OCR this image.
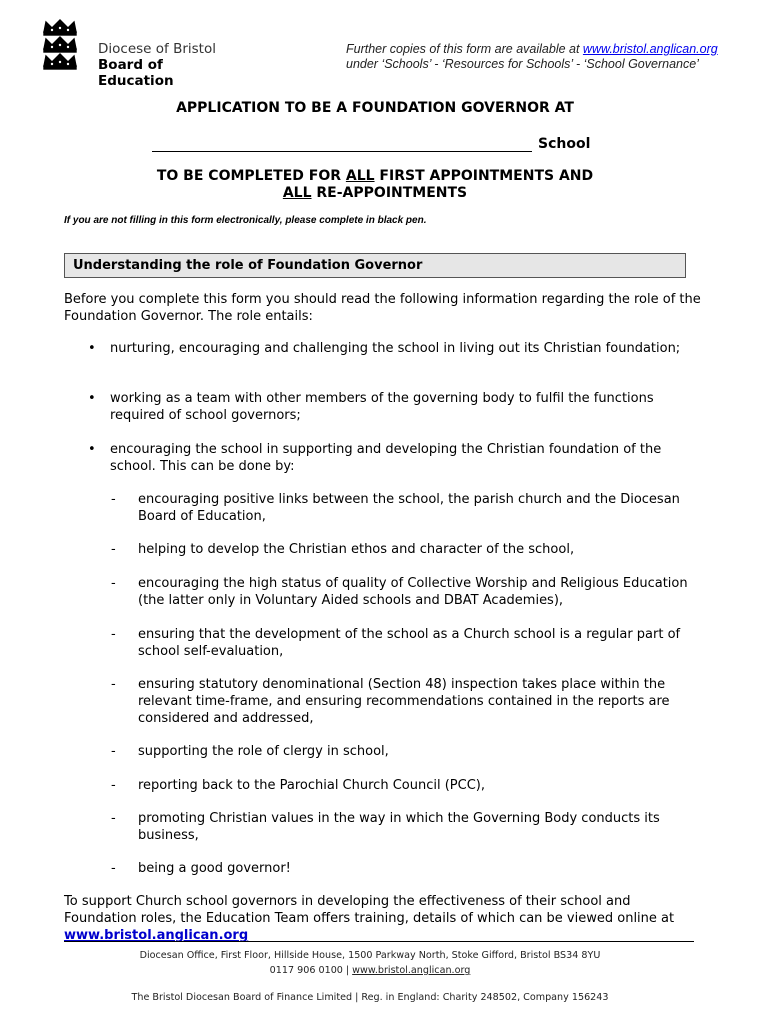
Diocese of Bristol
Board of
Education
Further copies of this form are available at www.bristol.anglican.org
under ‘Schools’ - ‘Resources for Schools’ - ‘School Governance’
APPLICATION TO BE A FOUNDATION GOVERNOR AT
School
TO BE COMPLETED FOR ALL FIRST APPOINTMENTS AND
ALL RE-APPOINTMENTS
If you are not filling in this form electronically, please complete in black pen.
Understanding the role of Foundation Governor
Before you complete this form you should read the following information regarding the role of the Foundation Governor. The role entails:
• nurturing, encouraging and challenging the school in living out its Christian foundation;
• working as a team with other members of the governing body to fulfil the functions required of school governors;
• encouraging the school in supporting and developing the Christian foundation of the school. This can be done by:
- encouraging positive links between the school, the parish church and the Diocesan Board of Education,
- helping to develop the Christian ethos and character of the school,
- encouraging the high status of quality of Collective Worship and Religious Education (the latter only in Voluntary Aided schools and DBAT Academies),
- ensuring that the development of the school as a Church school is a regular part of school self-evaluation,
- ensuring statutory denominational (Section 48) inspection takes place within the relevant time-frame, and ensuring recommendations contained in the reports are considered and addressed,
- supporting the role of clergy in school,
- reporting back to the Parochial Church Council (PCC),
- promoting Christian values in the way in which the Governing Body conducts its business,
- being a good governor!
To support Church school governors in developing the effectiveness of their school and Foundation roles, the Education Team offers training, details of which can be viewed online at www.bristol.anglican.org
Diocesan Office, First Floor, Hillside House, 1500 Parkway North, Stoke Gifford, Bristol BS34 8YU
0117 906 0100 | www.bristol.anglican.org
The Bristol Diocesan Board of Finance Limited | Reg. in England: Charity 248502, Company 156243
